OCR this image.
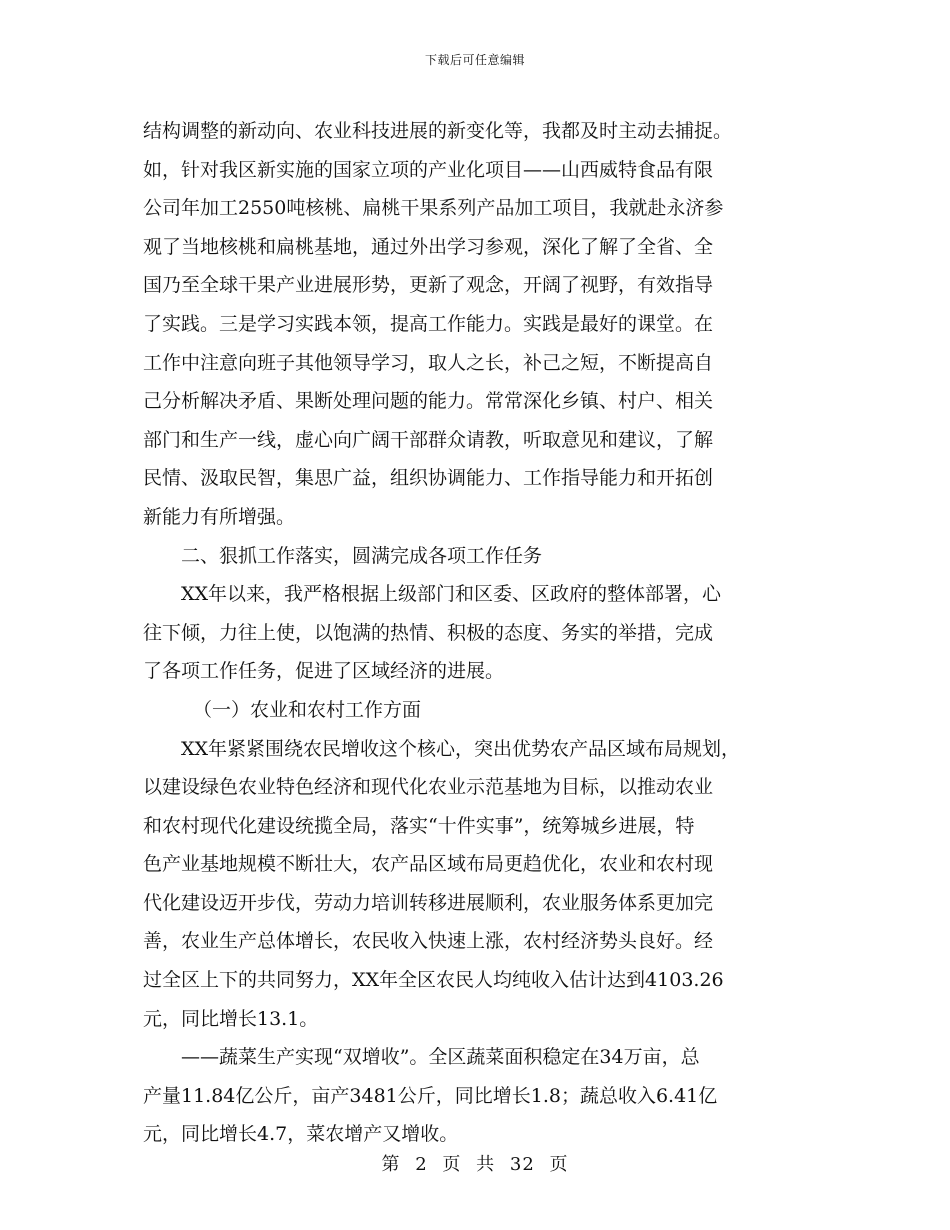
下载后可任意编辑
结构调整的新动向、农业科技进展的新变化等，我都及时主动去捕捉。
如，针对我区新实施的国家立项的产业化项目——山西威特食品有限
公司年加工2550吨核桃、扁桃干果系列产品加工项目，我就赴永济参
观了当地核桃和扁桃基地，通过外出学习参观，深化了解了全省、全
国乃至全球干果产业进展形势，更新了观念，开阔了视野，有效指导
了实践。三是学习实践本领，提高工作能力。实践是最好的课堂。在
工作中注意向班子其他领导学习，取人之长，补己之短，不断提高自
己分析解决矛盾、果断处理问题的能力。常常深化乡镇、村户、相关
部门和生产一线，虚心向广阔干部群众请教，听取意见和建议，了解
民情、汲取民智，集思广益，组织协调能力、工作指导能力和开拓创
新能力有所增强。
二、狠抓工作落实，圆满完成各项工作任务
XX年以来，我严格根据上级部门和区委、区政府的整体部署，心
往下倾，力往上使，以饱满的热情、积极的态度、务实的举措，完成
了各项工作任务，促进了区域经济的进展。
（一）农业和农村工作方面
XX年紧紧围绕农民增收这个核心，突出优势农产品区域布局规划，
以建设绿色农业特色经济和现代化农业示范基地为目标，以推动农业
和农村现代化建设统揽全局，落实“十件实事”，统筹城乡进展，特
色产业基地规模不断壮大，农产品区域布局更趋优化，农业和农村现
代化建设迈开步伐，劳动力培训转移进展顺利，农业服务体系更加完
善，农业生产总体增长，农民收入快速上涨，农村经济势头良好。经
过全区上下的共同努力，XX年全区农民人均纯收入估计达到4103.26
元，同比增长13.1。
——蔬菜生产实现“双增收”。全区蔬菜面积稳定在34万亩，总
产量11.84亿公斤，亩产3481公斤，同比增长1.8；蔬总收入6.41亿
元，同比增长4.7，菜农增产又增收。
第 2 页 共 32 页
